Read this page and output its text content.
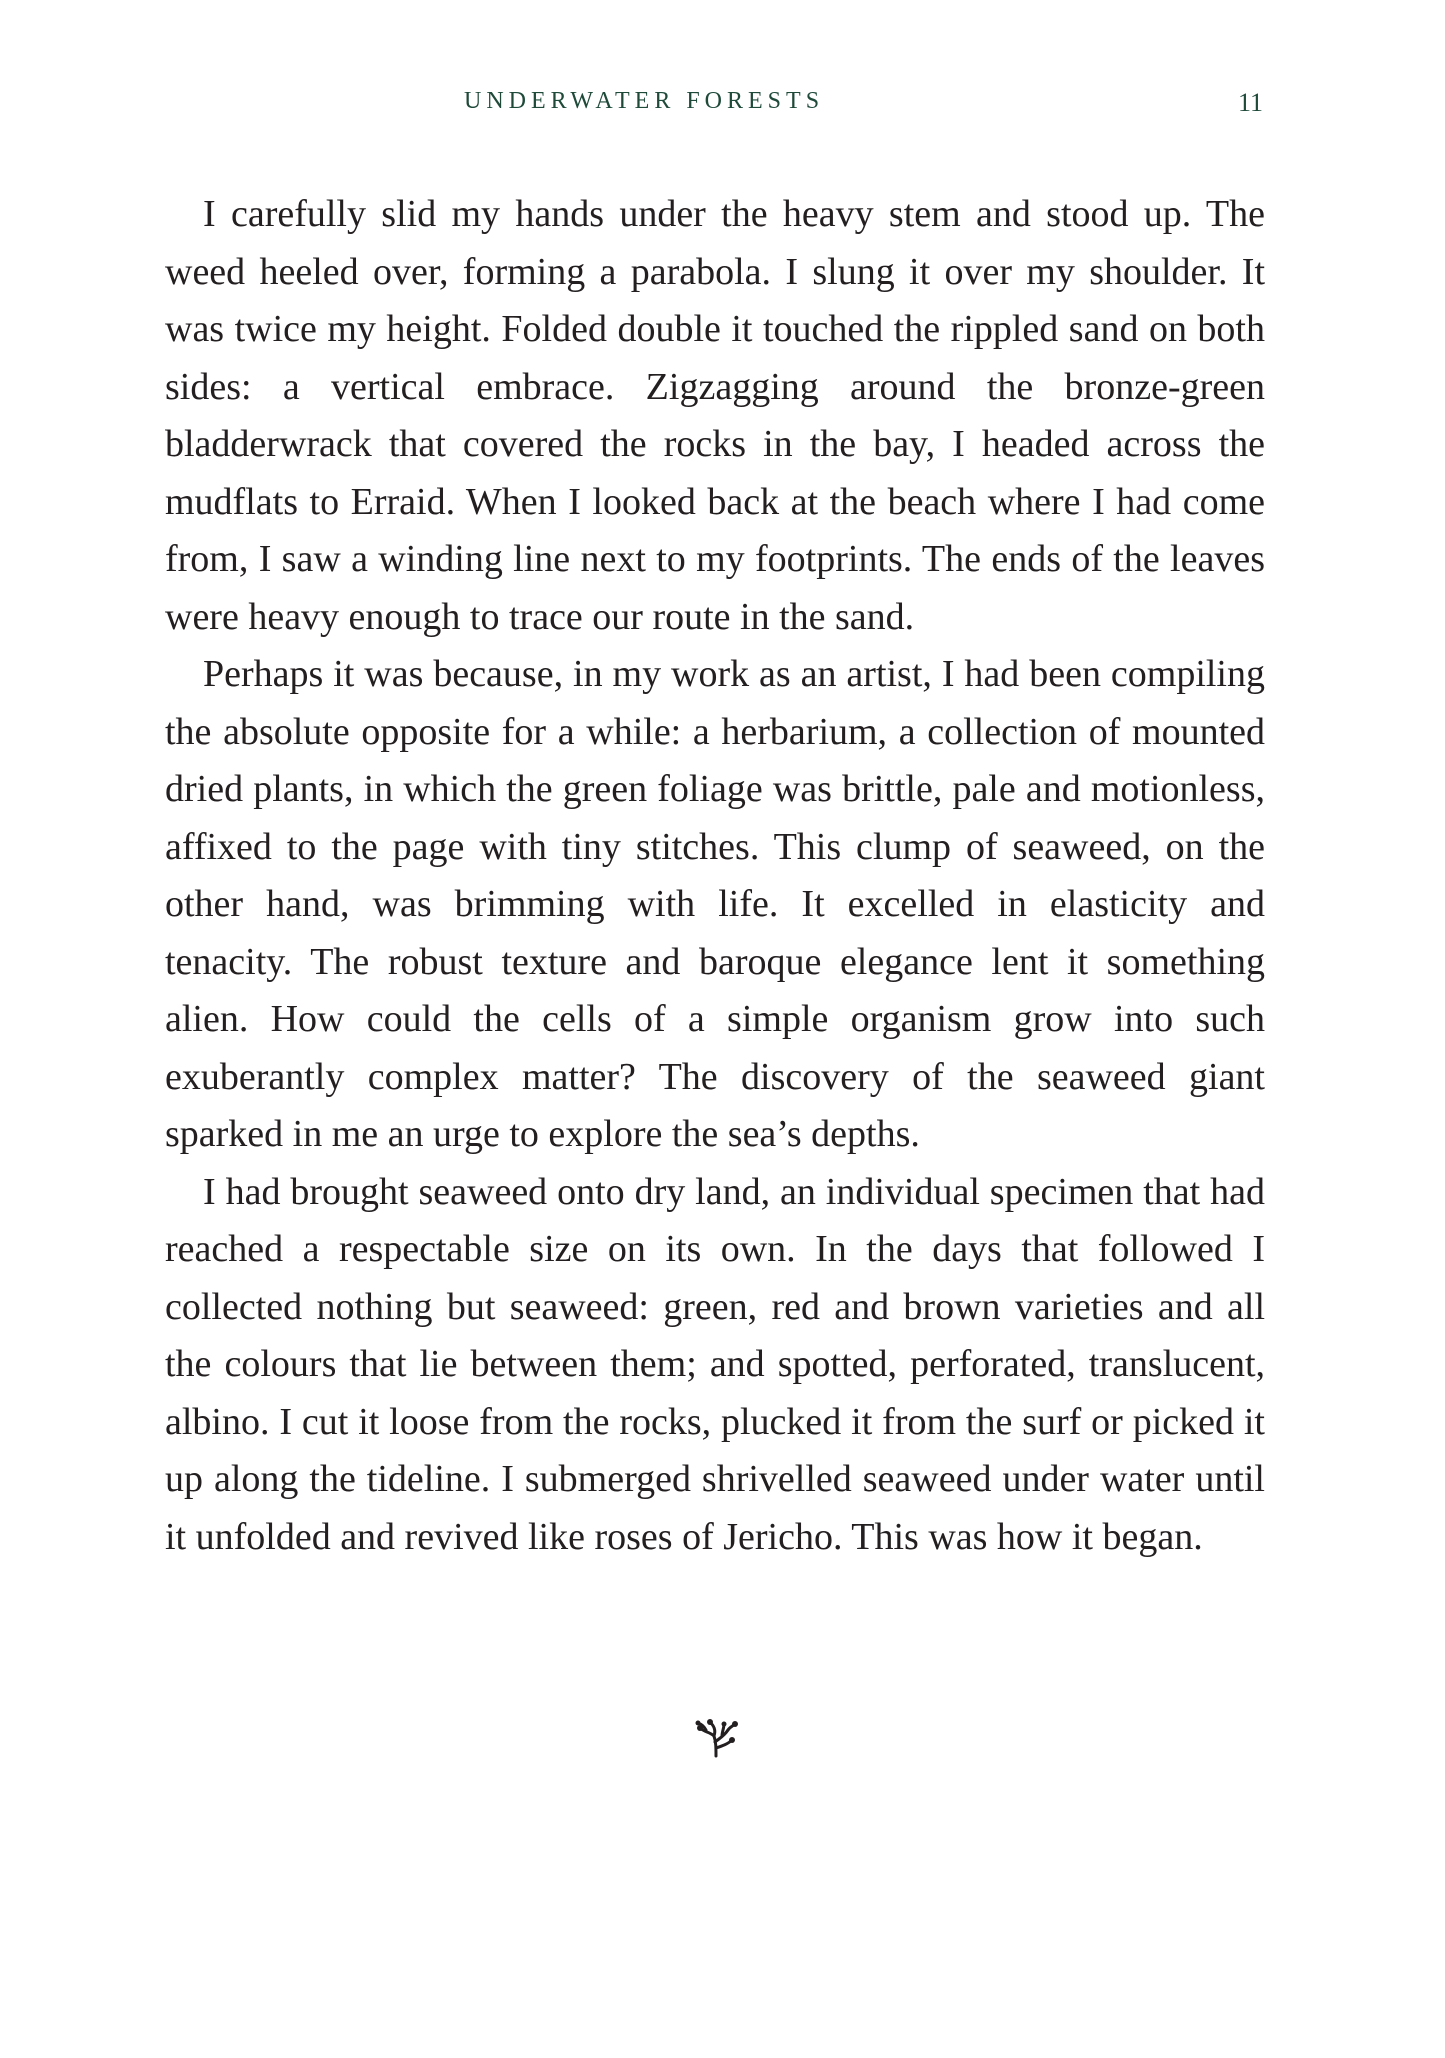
UNDERWATER FORESTS	11

I carefully slid my hands under the heavy stem and stood up. The weed heeled over, forming a parabola. I slung it over my shoulder. It was twice my height. Folded double it touched the rippled sand on both sides: a vertical embrace. Zigzagging around the bronze-green bladderwrack that covered the rocks in the bay, I headed across the mudflats to Erraid. When I looked back at the beach where I had come from, I saw a winding line next to my footprints. The ends of the leaves were heavy enough to trace our route in the sand.

Perhaps it was because, in my work as an artist, I had been compiling the absolute opposite for a while: a herbarium, a collection of mounted dried plants, in which the green foliage was brittle, pale and motionless, affixed to the page with tiny stitches. This clump of seaweed, on the other hand, was brimming with life. It excelled in elasticity and tenacity. The robust texture and baroque elegance lent it something alien. How could the cells of a simple organism grow into such exuberantly complex matter? The discovery of the seaweed giant sparked in me an urge to explore the sea’s depths.

I had brought seaweed onto dry land, an individual specimen that had reached a respectable size on its own. In the days that followed I collected nothing but seaweed: green, red and brown varieties and all the colours that lie between them; and spotted, perforated, translucent, albino. I cut it loose from the rocks, plucked it from the surf or picked it up along the tideline. I submerged shrivelled seaweed under water until it unfolded and revived like roses of Jericho. This was how it began.
